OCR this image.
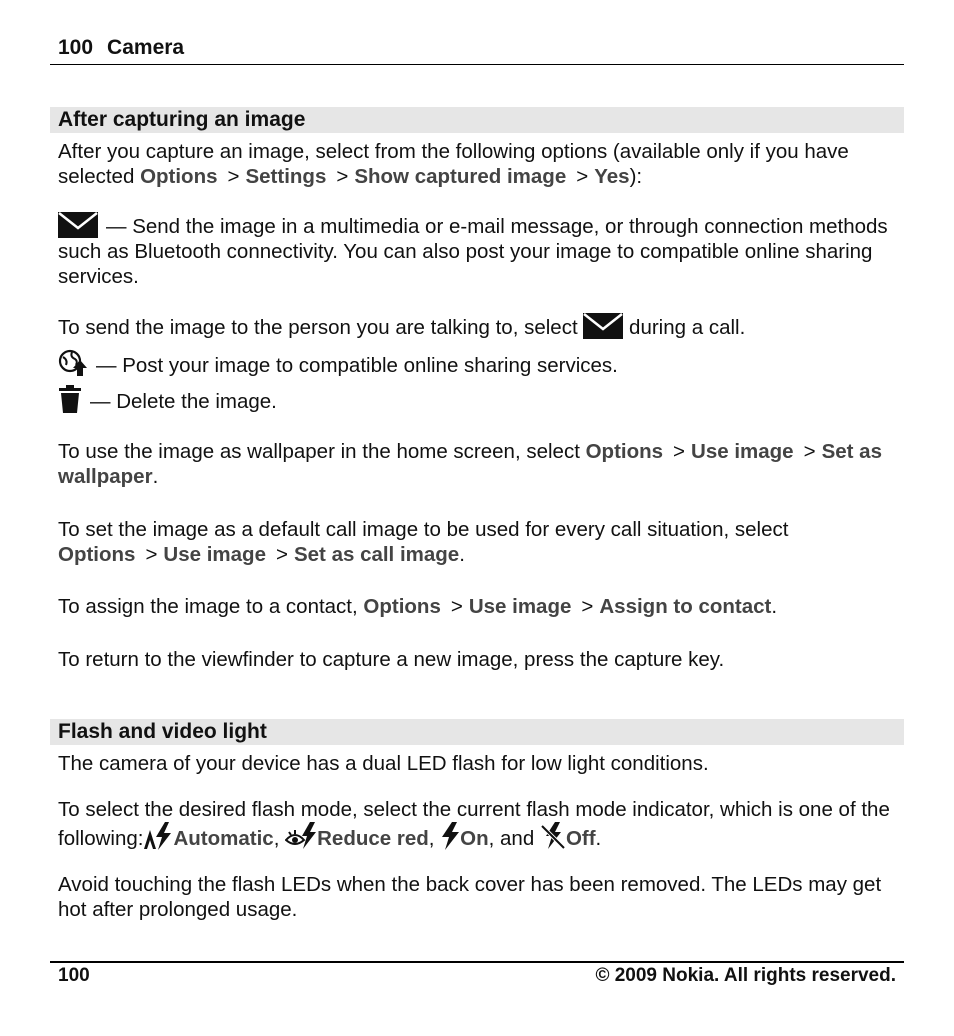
100 Camera
After capturing an image
After you capture an image, select from the following options (available only if you have selected Options > Settings > Show captured image > Yes):
— Send the image in a multimedia or e-mail message, or through connection methods such as Bluetooth connectivity. You can also post your image to compatible online sharing services.
To send the image to the person you are talking to, select  during a call.
— Post your image to compatible online sharing services.
— Delete the image.
To use the image as wallpaper in the home screen, select Options > Use image > Set as wallpaper.
To set the image as a default call image to be used for every call situation, select Options > Use image > Set as call image.
To assign the image to a contact, Options > Use image > Assign to contact.
To return to the viewfinder to capture a new image, press the capture key.
Flash and video light
The camera of your device has a dual LED flash for low light conditions.
To select the desired flash mode, select the current flash mode indicator, which is one of the following: Automatic, Reduce red, On, and Off.
Avoid touching the flash LEDs when the back cover has been removed. The LEDs may get hot after prolonged usage.
100	© 2009 Nokia. All rights reserved.
